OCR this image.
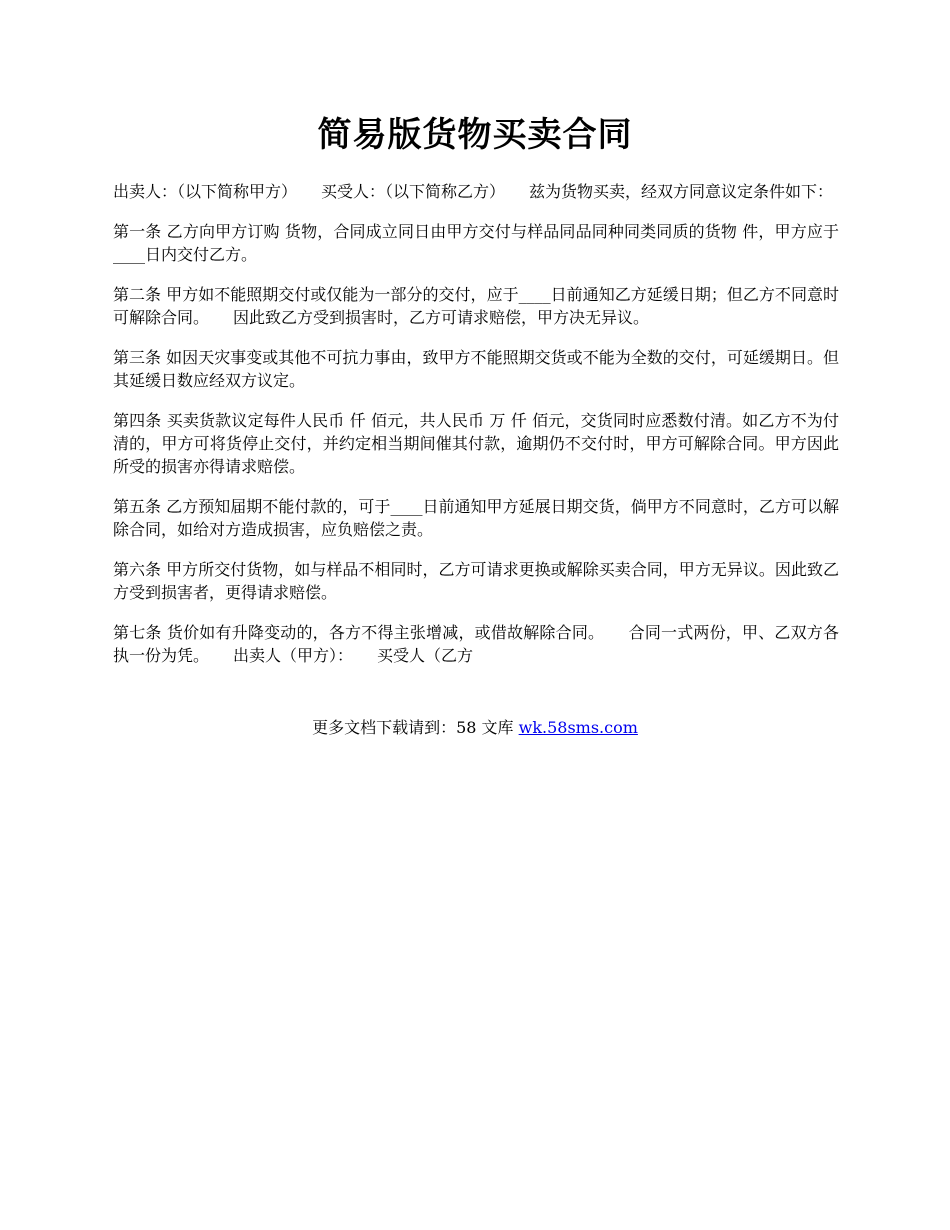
简易版货物买卖合同

出卖人：（以下简称甲方）　　买受人：（以下简称乙方）　　兹为货物买卖，经双方同意议定条件如下：

第一条 乙方向甲方订购 货物，合同成立同日由甲方交付与样品同品同种同类同质的货物 件，甲方应于____日内交付乙方。

第二条 甲方如不能照期交付或仅能为一部分的交付，应于____日前通知乙方延缓日期；但乙方不同意时可解除合同。　　因此致乙方受到损害时，乙方可请求赔偿，甲方决无异议。

第三条 如因天灾事变或其他不可抗力事由，致甲方不能照期交货或不能为全数的交付，可延缓期日。但其延缓日数应经双方议定。

第四条 买卖货款议定每件人民币 仟 佰元，共人民币 万 仟 佰元，交货同时应悉数付清。如乙方不为付清的，甲方可将货停止交付，并约定相当期间催其付款，逾期仍不交付时，甲方可解除合同。甲方因此所受的损害亦得请求赔偿。

第五条 乙方预知届期不能付款的，可于____日前通知甲方延展日期交货，倘甲方不同意时，乙方可以解除合同，如给对方造成损害，应负赔偿之责。

第六条 甲方所交付货物，如与样品不相同时，乙方可请求更换或解除买卖合同，甲方无异议。因此致乙方受到损害者，更得请求赔偿。

第七条 货价如有升降变动的，各方不得主张增减，或借故解除合同。　　合同一式两份，甲、乙双方各执一份为凭。　　出卖人（甲方）：　　买受人（乙方

更多文档下载请到：58 文库 wk.58sms.com
